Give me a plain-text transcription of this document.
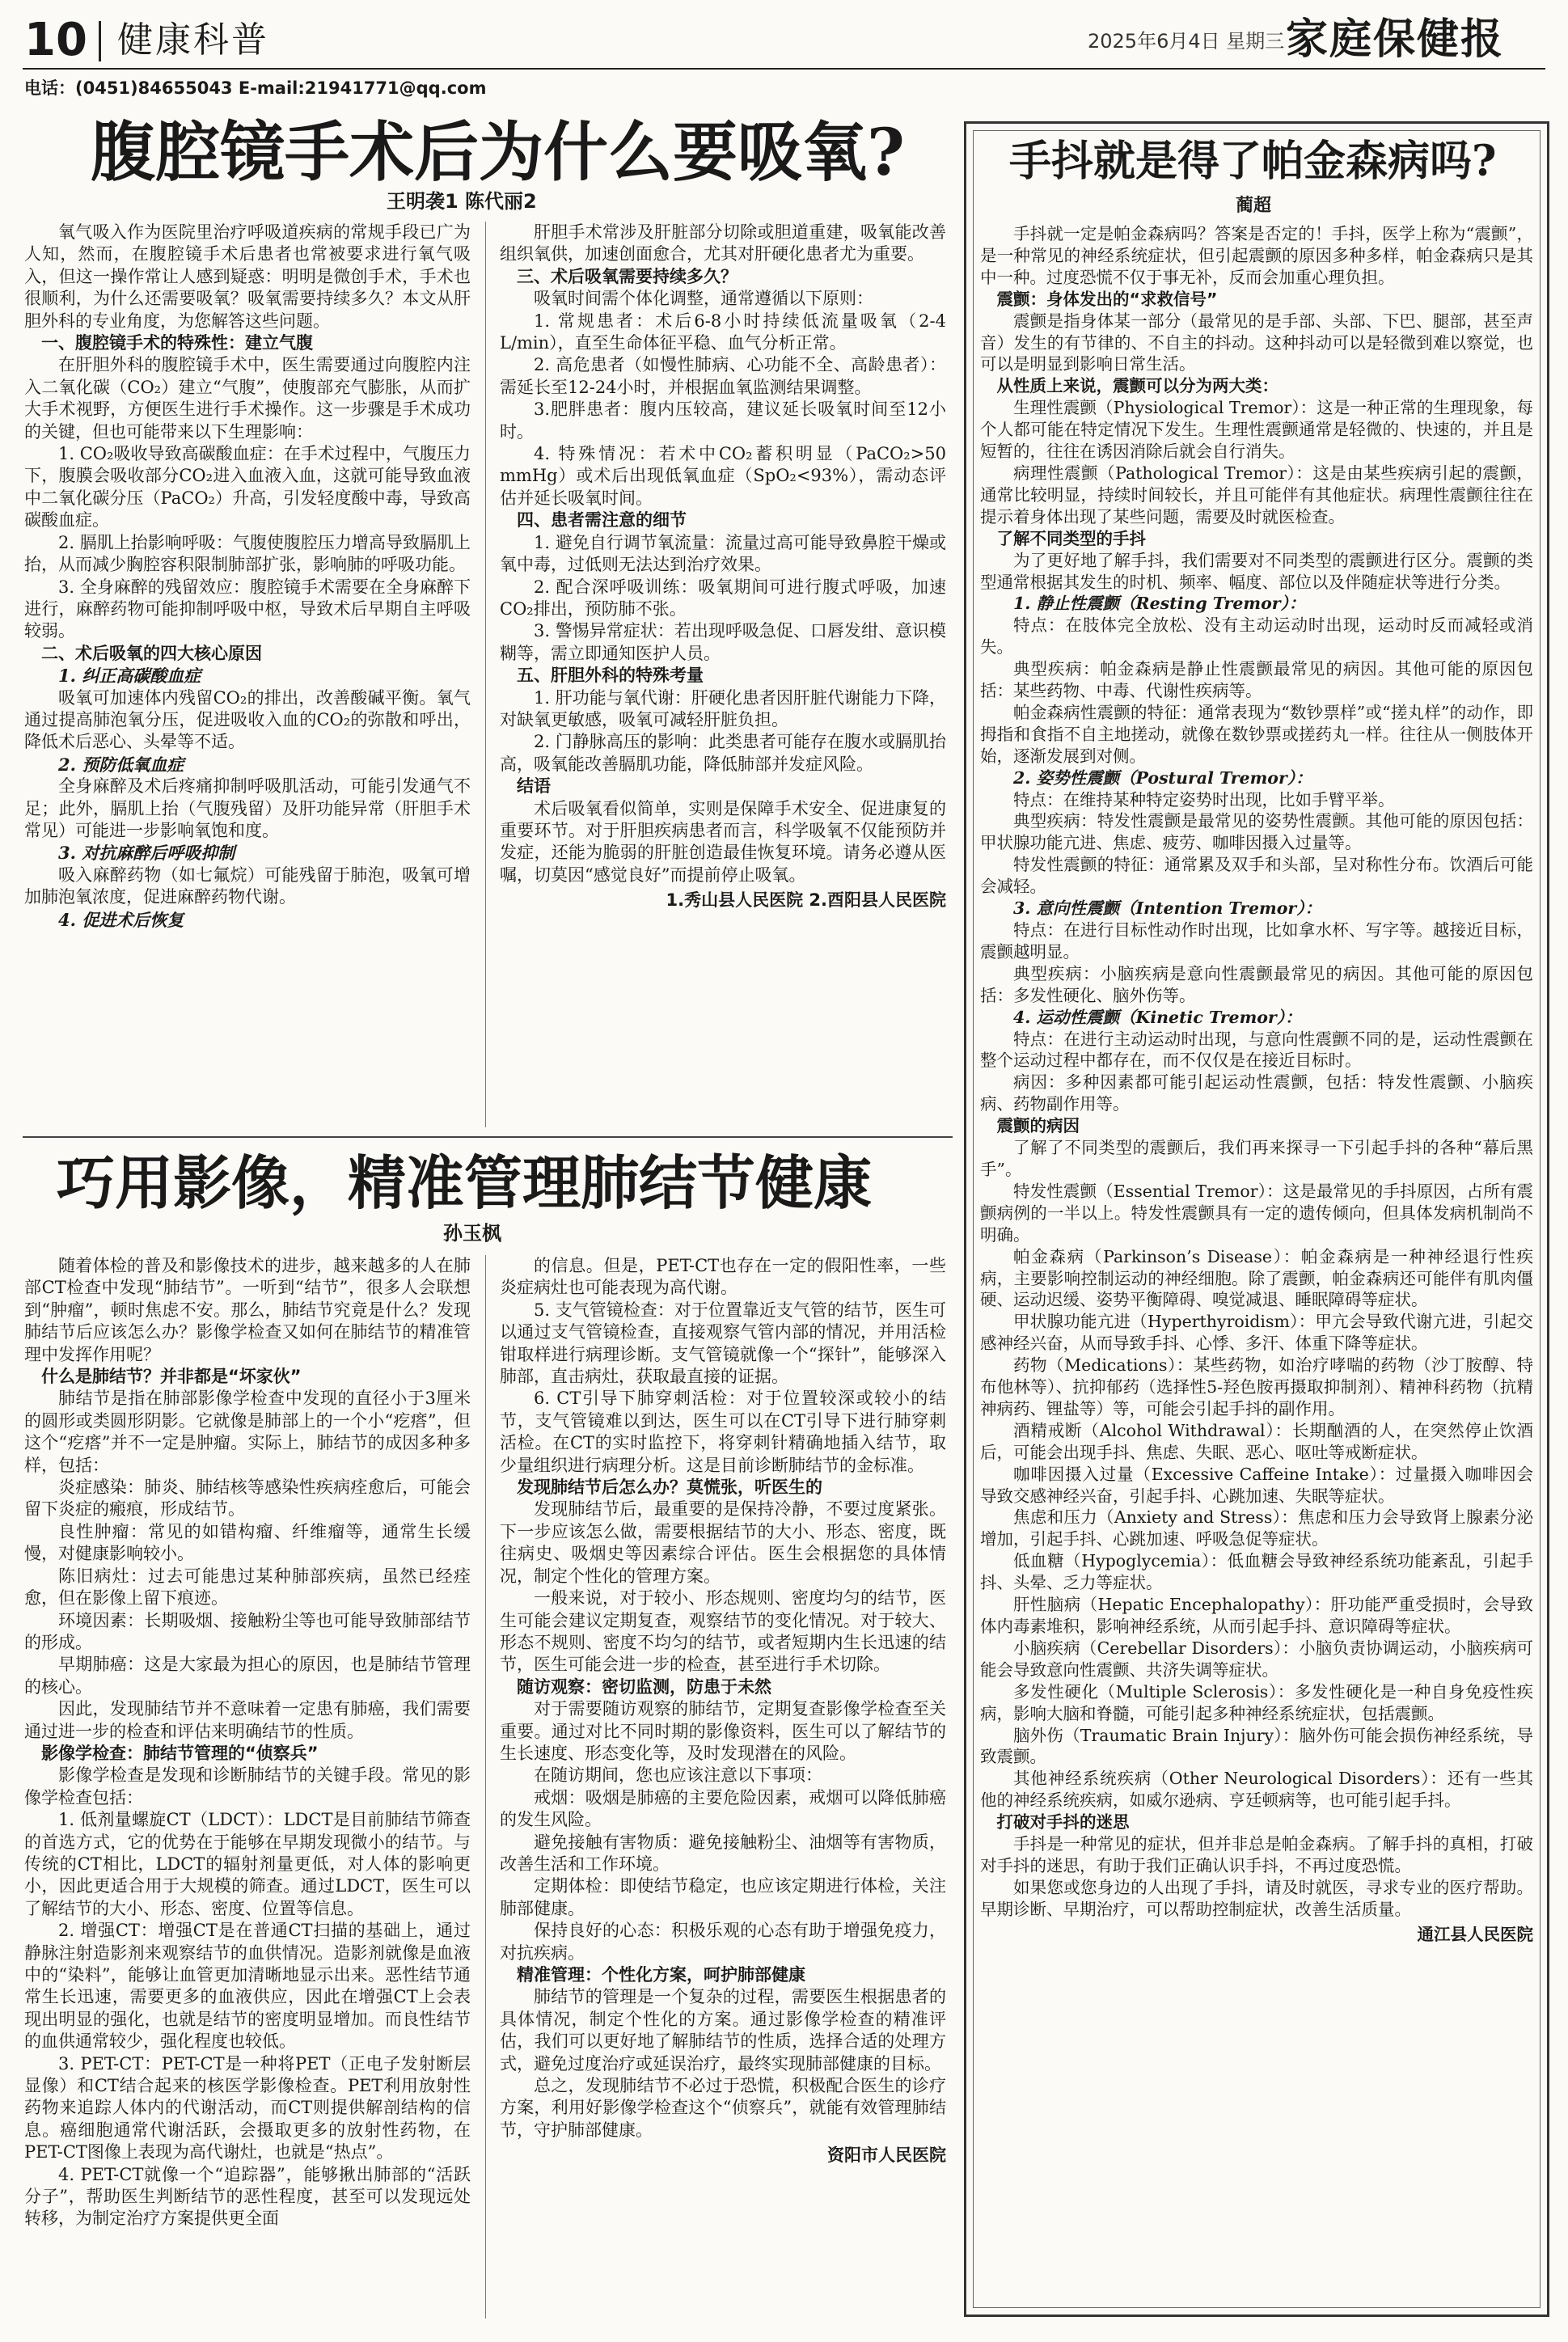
10 健康科普	2025年6月4日 星期三 家庭保健报
电话：(0451)84655043 E-mail:21941771@qq.com
腹腔镜手术后为什么要吸氧?
王明袭1 陈代丽2

氧气吸入作为医院里治疗呼吸道疾病的常规手段已广为人知，然而，在腹腔镜手术后患者也常被要求进行氧气吸入，但这一操作常让人感到疑惑：明明是微创手术，手术也很顺利，为什么还需要吸氧？吸氧需要持续多久？本文从肝胆外科的专业角度，为您解答这些问题。

一、腹腔镜手术的特殊性：建立气腹

在肝胆外科的腹腔镜手术中，医生需要通过向腹腔内注入二氧化碳（CO₂）建立“气腹”，使腹部充气膨胀，从而扩大手术视野，方便医生进行手术操作。这一步骤是手术成功的关键，但也可能带来以下生理影响：

1. CO₂吸收导致高碳酸血症：在手术过程中，气腹压力下，腹膜会吸收部分CO₂进入血液入血，这就可能导致血液中二氧化碳分压（PaCO₂）升高，引发轻度酸中毒，导致高碳酸血症。

2. 膈肌上抬影响呼吸：气腹使腹腔压力增高导致膈肌上抬，从而减少胸腔容积限制肺部扩张，影响肺的呼吸功能。

3. 全身麻醉的残留效应：腹腔镜手术需要在全身麻醉下进行，麻醉药物可能抑制呼吸中枢，导致术后早期自主呼吸较弱。

二、术后吸氧的四大核心原因

1. 纠正高碳酸血症

吸氧可加速体内残留CO₂的排出，改善酸碱平衡。氧气通过提高肺泡氧分压，促进吸收入血的CO₂的弥散和呼出，降低术后恶心、头晕等不适。

2. 预防低氧血症

全身麻醉及术后疼痛抑制呼吸肌活动，可能引发通气不足；此外，膈肌上抬（气腹残留）及肝功能异常（肝胆手术常见）可能进一步影响氧饱和度。

3. 对抗麻醉后呼吸抑制

吸入麻醉药物（如七氟烷）可能残留于肺泡，吸氧可增加肺泡氧浓度，促进麻醉药物代谢。

4. 促进术后恢复

肝胆手术常涉及肝脏部分切除或胆道重建，吸氧能改善组织氧供，加速创面愈合，尤其对肝硬化患者尤为重要。

三、术后吸氧需要持续多久？

吸氧时间需个体化调整，通常遵循以下原则：

1. 常规患者：术后6-8小时持续低流量吸氧（2-4 L/min），直至生命体征平稳、血气分析正常。

2. 高危患者（如慢性肺病、心功能不全、高龄患者）：需延长至12-24小时，并根据血氧监测结果调整。

3.肥胖患者：腹内压较高，建议延长吸氧时间至12小时。

4. 特殊情况：若术中CO₂蓄积明显（PaCO₂>50 mmHg）或术后出现低氧血症（SpO₂<93%），需动态评估并延长吸氧时间。

四、患者需注意的细节

1. 避免自行调节氧流量：流量过高可能导致鼻腔干燥或氧中毒，过低则无法达到治疗效果。

2. 配合深呼吸训练：吸氧期间可进行腹式呼吸，加速CO₂排出，预防肺不张。

3. 警惕异常症状：若出现呼吸急促、口唇发绀、意识模糊等，需立即通知医护人员。

五、肝胆外科的特殊考量

1. 肝功能与氧代谢：肝硬化患者因肝脏代谢能力下降，对缺氧更敏感，吸氧可减轻肝脏负担。

2. 门静脉高压的影响：此类患者可能存在腹水或膈肌抬高，吸氧能改善膈肌功能，降低肺部并发症风险。

结语

术后吸氧看似简单，实则是保障手术安全、促进康复的重要环节。对于肝胆疾病患者而言，科学吸氧不仅能预防并发症，还能为脆弱的肝脏创造最佳恢复环境。请务必遵从医嘱，切莫因“感觉良好”而提前停止吸氧。

1.秀山县人民医院 2.酉阳县人民医院

巧用影像，精准管理肺结节健康
孙玉枫

随着体检的普及和影像技术的进步，越来越多的人在肺部CT检查中发现“肺结节”。一听到“结节”，很多人会联想到“肿瘤”，顿时焦虑不安。那么，肺结节究竟是什么？发现肺结节后应该怎么办？影像学检查又如何在肺结节的精准管理中发挥作用呢？

什么是肺结节？并非都是“坏家伙”

肺结节是指在肺部影像学检查中发现的直径小于3厘米的圆形或类圆形阴影。它就像是肺部上的一个小“疙瘩”，但这个“疙瘩”并不一定是肿瘤。实际上，肺结节的成因多种多样，包括：

炎症感染：肺炎、肺结核等感染性疾病痊愈后，可能会留下炎症的瘢痕，形成结节。

良性肿瘤：常见的如错构瘤、纤维瘤等，通常生长缓慢，对健康影响较小。

陈旧病灶：过去可能患过某种肺部疾病，虽然已经痊愈，但在影像上留下痕迹。

环境因素：长期吸烟、接触粉尘等也可能导致肺部结节的形成。

早期肺癌：这是大家最为担心的原因，也是肺结节管理的核心。

因此，发现肺结节并不意味着一定患有肺癌，我们需要通过进一步的检查和评估来明确结节的性质。

影像学检查：肺结节管理的“侦察兵”

影像学检查是发现和诊断肺结节的关键手段。常见的影像学检查包括：

1. 低剂量螺旋CT（LDCT）：LDCT是目前肺结节筛查的首选方式，它的优势在于能够在早期发现微小的结节。与传统的CT相比，LDCT的辐射剂量更低，对人体的影响更小，因此更适合用于大规模的筛查。通过LDCT，医生可以了解结节的大小、形态、密度、位置等信息。

2. 增强CT：增强CT是在普通CT扫描的基础上，通过静脉注射造影剂来观察结节的血供情况。造影剂就像是血液中的“染料”，能够让血管更加清晰地显示出来。恶性结节通常生长迅速，需要更多的血液供应，因此在增强CT上会表现出明显的强化，也就是结节的密度明显增加。而良性结节的血供通常较少，强化程度也较低。

3. PET-CT：PET-CT是一种将PET（正电子发射断层显像）和CT结合起来的核医学影像检查。PET利用放射性药物来追踪人体内的代谢活动，而CT则提供解剖结构的信息。癌细胞通常代谢活跃，会摄取更多的放射性药物，在PET-CT图像上表现为高代谢灶，也就是“热点”。

4. PET-CT就像一个“追踪器”，能够揪出肺部的“活跃分子”，帮助医生判断结节的恶性程度，甚至可以发现远处转移，为制定治疗方案提供更全面

的信息。但是，PET-CT也存在一定的假阳性率，一些炎症病灶也可能表现为高代谢。

5. 支气管镜检查：对于位置靠近支气管的结节，医生可以通过支气管镜检查，直接观察气管内部的情况，并用活检钳取样进行病理诊断。支气管镜就像一个“探针”，能够深入肺部，直击病灶，获取最直接的证据。

6. CT引导下肺穿刺活检：对于位置较深或较小的结节，支气管镜难以到达，医生可以在CT引导下进行肺穿刺活检。在CT的实时监控下，将穿刺针精确地插入结节，取少量组织进行病理分析。这是目前诊断肺结节的金标准。

发现肺结节后怎么办？莫慌张，听医生的

发现肺结节后，最重要的是保持冷静，不要过度紧张。下一步应该怎么做，需要根据结节的大小、形态、密度，既往病史、吸烟史等因素综合评估。医生会根据您的具体情况，制定个性化的管理方案。

一般来说，对于较小、形态规则、密度均匀的结节，医生可能会建议定期复查，观察结节的变化情况。对于较大、形态不规则、密度不均匀的结节，或者短期内生长迅速的结节，医生可能会进一步的检查，甚至进行手术切除。

随访观察：密切监测，防患于未然

对于需要随访观察的肺结节，定期复查影像学检查至关重要。通过对比不同时期的影像资料，医生可以了解结节的生长速度、形态变化等，及时发现潜在的风险。

在随访期间，您也应该注意以下事项：

戒烟：吸烟是肺癌的主要危险因素，戒烟可以降低肺癌的发生风险。

避免接触有害物质：避免接触粉尘、油烟等有害物质，改善生活和工作环境。

定期体检：即使结节稳定，也应该定期进行体检，关注肺部健康。

保持良好的心态：积极乐观的心态有助于增强免疫力，对抗疾病。

精准管理：个性化方案，呵护肺部健康

肺结节的管理是一个复杂的过程，需要医生根据患者的具体情况，制定个性化的方案。通过影像学检查的精准评估，我们可以更好地了解肺结节的性质，选择合适的处理方式，避免过度治疗或延误治疗，最终实现肺部健康的目标。

总之，发现肺结节不必过于恐慌，积极配合医生的诊疗方案，利用好影像学检查这个“侦察兵”，就能有效管理肺结节，守护肺部健康。

资阳市人民医院

手抖就是得了帕金森病吗?
蔺超

手抖就一定是帕金森病吗？答案是否定的！手抖，医学上称为“震颤”，是一种常见的神经系统症状，但引起震颤的原因多种多样，帕金森病只是其中一种。过度恐慌不仅于事无补，反而会加重心理负担。

震颤：身体发出的“求救信号”

震颤是指身体某一部分（最常见的是手部、头部、下巴、腿部，甚至声音）发生的有节律的、不自主的抖动。这种抖动可以是轻微到难以察觉，也可以是明显到影响日常生活。

从性质上来说，震颤可以分为两大类：

生理性震颤（Physiological Tremor）：这是一种正常的生理现象，每个人都可能在特定情况下发生。生理性震颤通常是轻微的、快速的，并且是短暂的，往往在诱因消除后就会自行消失。

病理性震颤（Pathological Tremor）：这是由某些疾病引起的震颤，通常比较明显，持续时间较长，并且可能伴有其他症状。病理性震颤往往在提示着身体出现了某些问题，需要及时就医检查。

了解不同类型的手抖

为了更好地了解手抖，我们需要对不同类型的震颤进行区分。震颤的类型通常根据其发生的时机、频率、幅度、部位以及伴随症状等进行分类。

1. 静止性震颤（Resting Tremor）：

特点：在肢体完全放松、没有主动运动时出现，运动时反而减轻或消失。

典型疾病：帕金森病是静止性震颤最常见的病因。其他可能的原因包括：某些药物、中毒、代谢性疾病等。

帕金森病性震颤的特征：通常表现为“数钞票样”或“搓丸样”的动作，即拇指和食指不自主地搓动，就像在数钞票或搓药丸一样。往往从一侧肢体开始，逐渐发展到对侧。

2. 姿势性震颤（Postural Tremor）：

特点：在维持某种特定姿势时出现，比如手臂平举。

典型疾病：特发性震颤是最常见的姿势性震颤。其他可能的原因包括：甲状腺功能亢进、焦虑、疲劳、咖啡因摄入过量等。

特发性震颤的特征：通常累及双手和头部，呈对称性分布。饮酒后可能会减轻。

3. 意向性震颤（Intention Tremor）：

特点：在进行目标性动作时出现，比如拿水杯、写字等。越接近目标，震颤越明显。

典型疾病：小脑疾病是意向性震颤最常见的病因。其他可能的原因包括：多发性硬化、脑外伤等。

4. 运动性震颤（Kinetic Tremor）：

特点：在进行主动运动时出现，与意向性震颤不同的是，运动性震颤在整个运动过程中都存在，而不仅仅是在接近目标时。

病因：多种因素都可能引起运动性震颤，包括：特发性震颤、小脑疾病、药物副作用等。

震颤的病因

了解了不同类型的震颤后，我们再来探寻一下引起手抖的各种“幕后黑手”。

特发性震颤（Essential Tremor）：这是最常见的手抖原因，占所有震颤病例的一半以上。特发性震颤具有一定的遗传倾向，但具体发病机制尚不明确。

帕金森病（Parkinson’s Disease）：帕金森病是一种神经退行性疾病，主要影响控制运动的神经细胞。除了震颤，帕金森病还可能伴有肌肉僵硬、运动迟缓、姿势平衡障碍、嗅觉减退、睡眠障碍等症状。

甲状腺功能亢进（Hyperthyroidism）：甲亢会导致代谢亢进，引起交感神经兴奋，从而导致手抖、心悸、多汗、体重下降等症状。

药物（Medications）：某些药物，如治疗哮喘的药物（沙丁胺醇、特布他林等）、抗抑郁药（选择性5-羟色胺再摄取抑制剂）、精神科药物（抗精神病药、锂盐等）等，可能会引起手抖的副作用。

酒精戒断（Alcohol Withdrawal）：长期酗酒的人，在突然停止饮酒后，可能会出现手抖、焦虑、失眠、恶心、呕吐等戒断症状。

咖啡因摄入过量（Excessive Caffeine Intake）：过量摄入咖啡因会导致交感神经兴奋，引起手抖、心跳加速、失眠等症状。

焦虑和压力（Anxiety and Stress）：焦虑和压力会导致肾上腺素分泌增加，引起手抖、心跳加速、呼吸急促等症状。

低血糖（Hypoglycemia）：低血糖会导致神经系统功能紊乱，引起手抖、头晕、乏力等症状。

肝性脑病（Hepatic Encephalopathy）：肝功能严重受损时，会导致体内毒素堆积，影响神经系统，从而引起手抖、意识障碍等症状。

小脑疾病（Cerebellar Disorders）：小脑负责协调运动，小脑疾病可能会导致意向性震颤、共济失调等症状。

多发性硬化（Multiple Sclerosis）：多发性硬化是一种自身免疫性疾病，影响大脑和脊髓，可能引起多种神经系统症状，包括震颤。

脑外伤（Traumatic Brain Injury）：脑外伤可能会损伤神经系统，导致震颤。

其他神经系统疾病（Other Neurological Disorders）：还有一些其他的神经系统疾病，如威尔逊病、亨廷顿病等，也可能引起手抖。

打破对手抖的迷思

手抖是一种常见的症状，但并非总是帕金森病。了解手抖的真相，打破对手抖的迷思，有助于我们正确认识手抖，不再过度恐慌。

如果您或您身边的人出现了手抖，请及时就医，寻求专业的医疗帮助。早期诊断、早期治疗，可以帮助控制症状，改善生活质量。

通江县人民医院
